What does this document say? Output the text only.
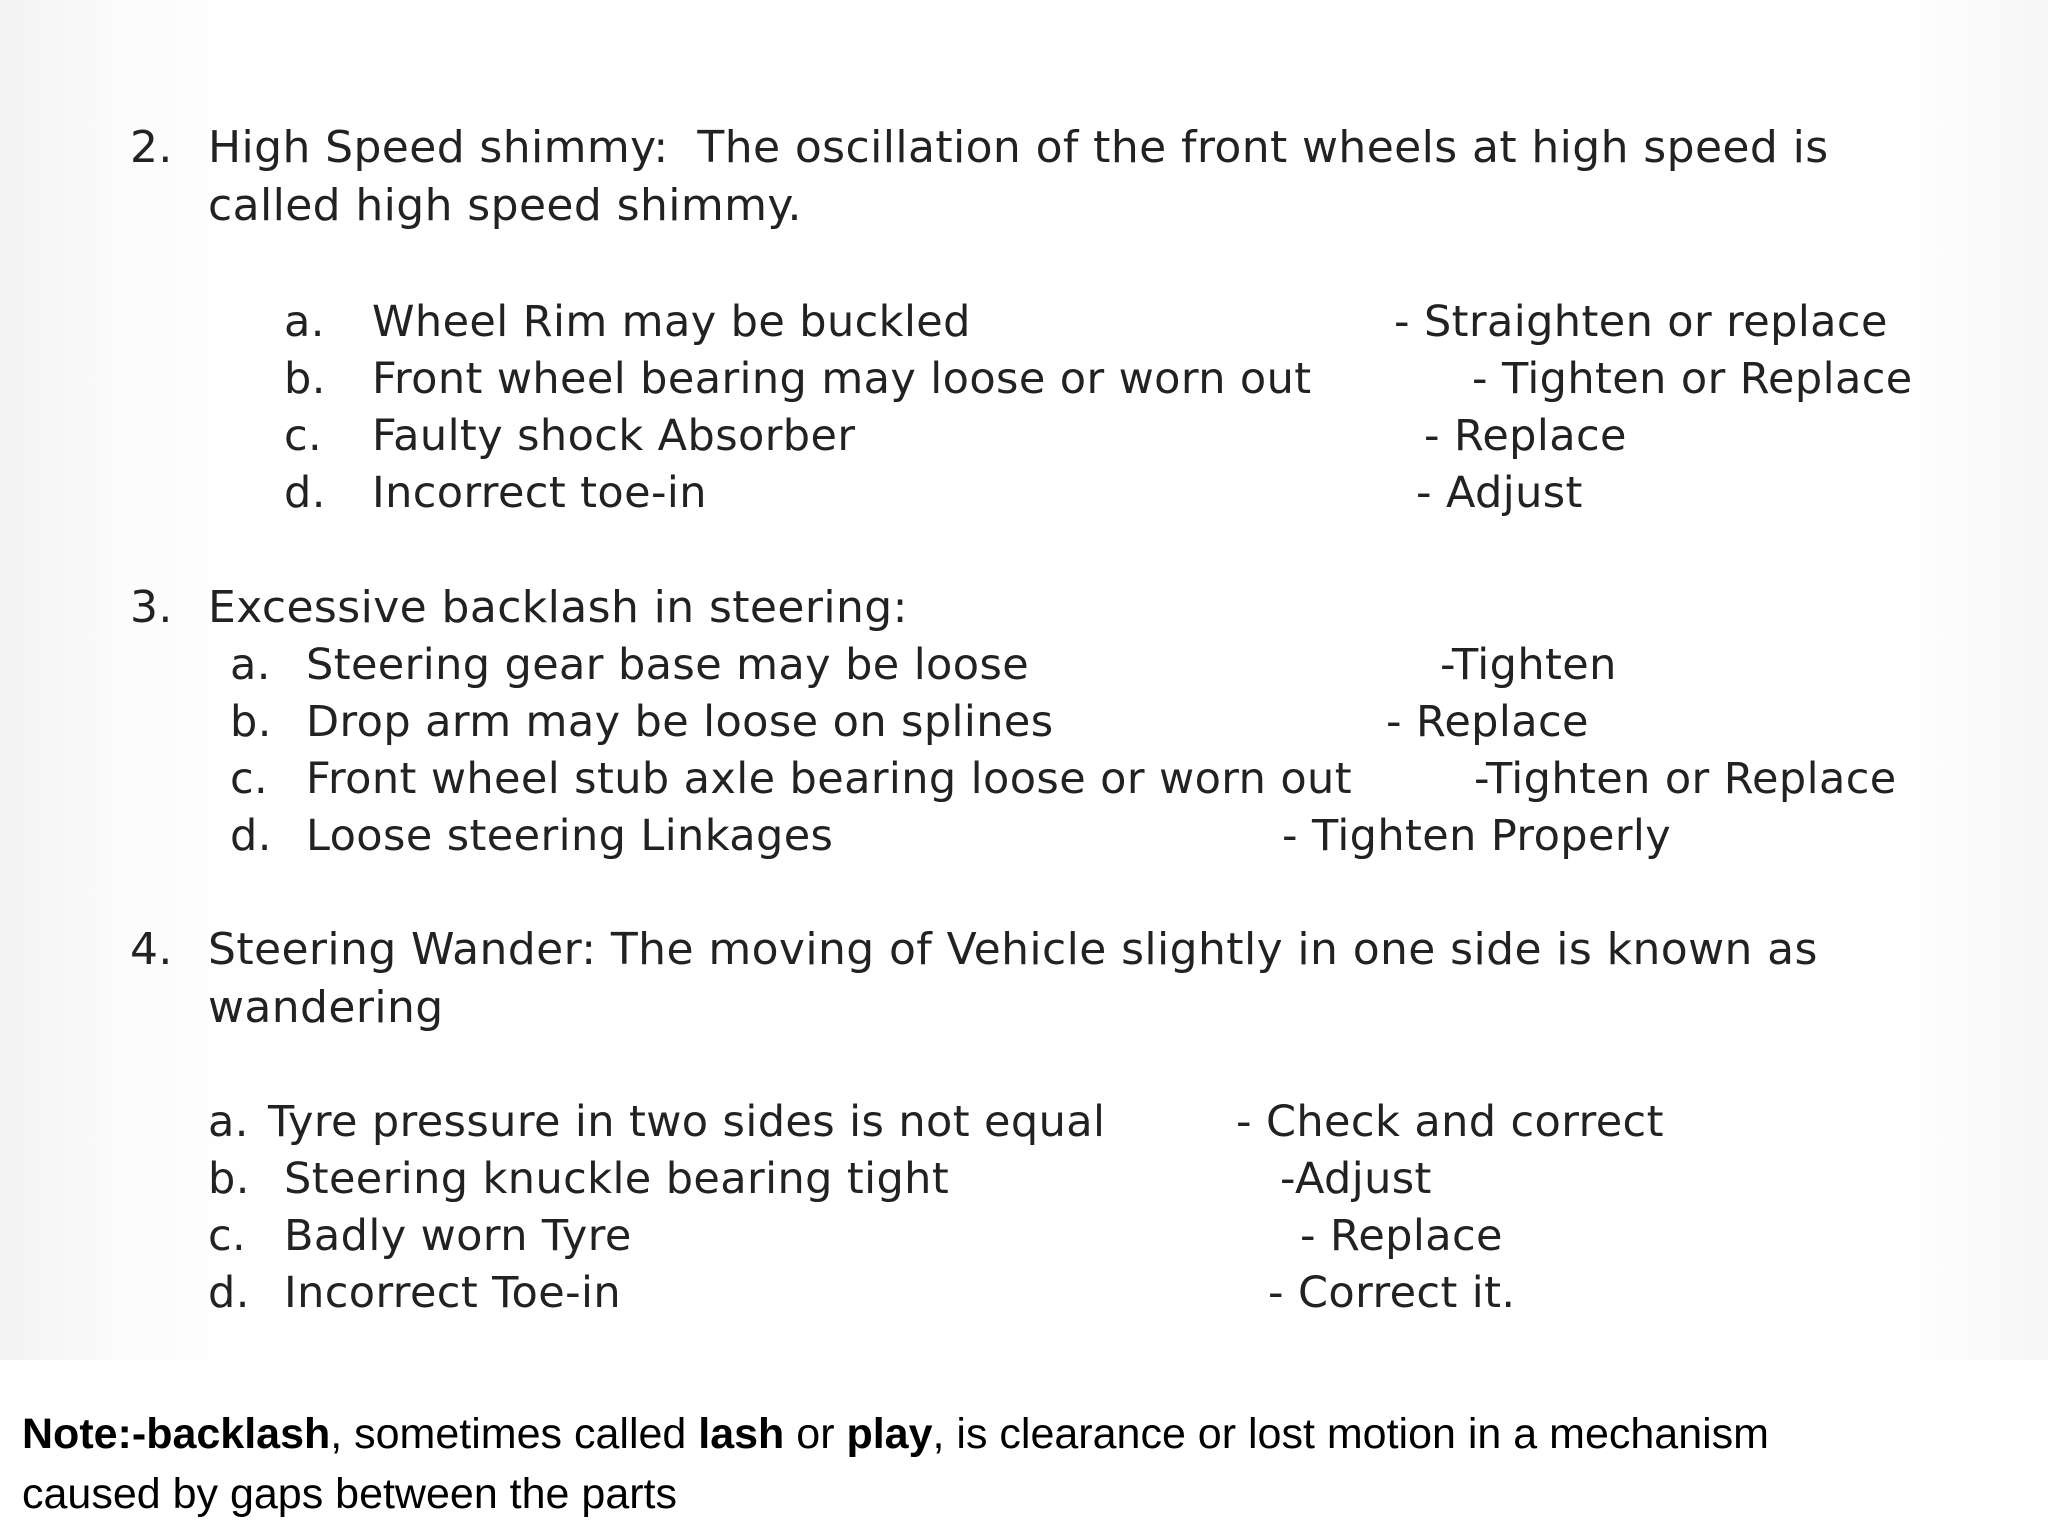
2. High Speed shimmy:  The oscillation of the front wheels at high speed is
called high speed shimmy.
a. Wheel Rim may be buckled	- Straighten or replace
b. Front wheel bearing may loose or worn out	- Tighten or Replace
c. Faulty shock Absorber	- Replace
d. Incorrect toe-in	- Adjust
3. Excessive backlash in steering:
a. Steering gear base may be loose	-Tighten
b. Drop arm may be loose on splines	- Replace
c. Front wheel stub axle bearing loose or worn out	-Tighten or Replace
d. Loose steering Linkages	- Tighten Properly
4. Steering Wander: The moving of Vehicle slightly in one side is known as
wandering
a. Tyre pressure in two sides is not equal	- Check and correct
b. Steering knuckle bearing tight	-Adjust
c. Badly worn Tyre	- Replace
d. Incorrect Toe-in	- Correct it.
Note:-backlash, sometimes called lash or play, is clearance or lost motion in a mechanism
caused by gaps between the parts
